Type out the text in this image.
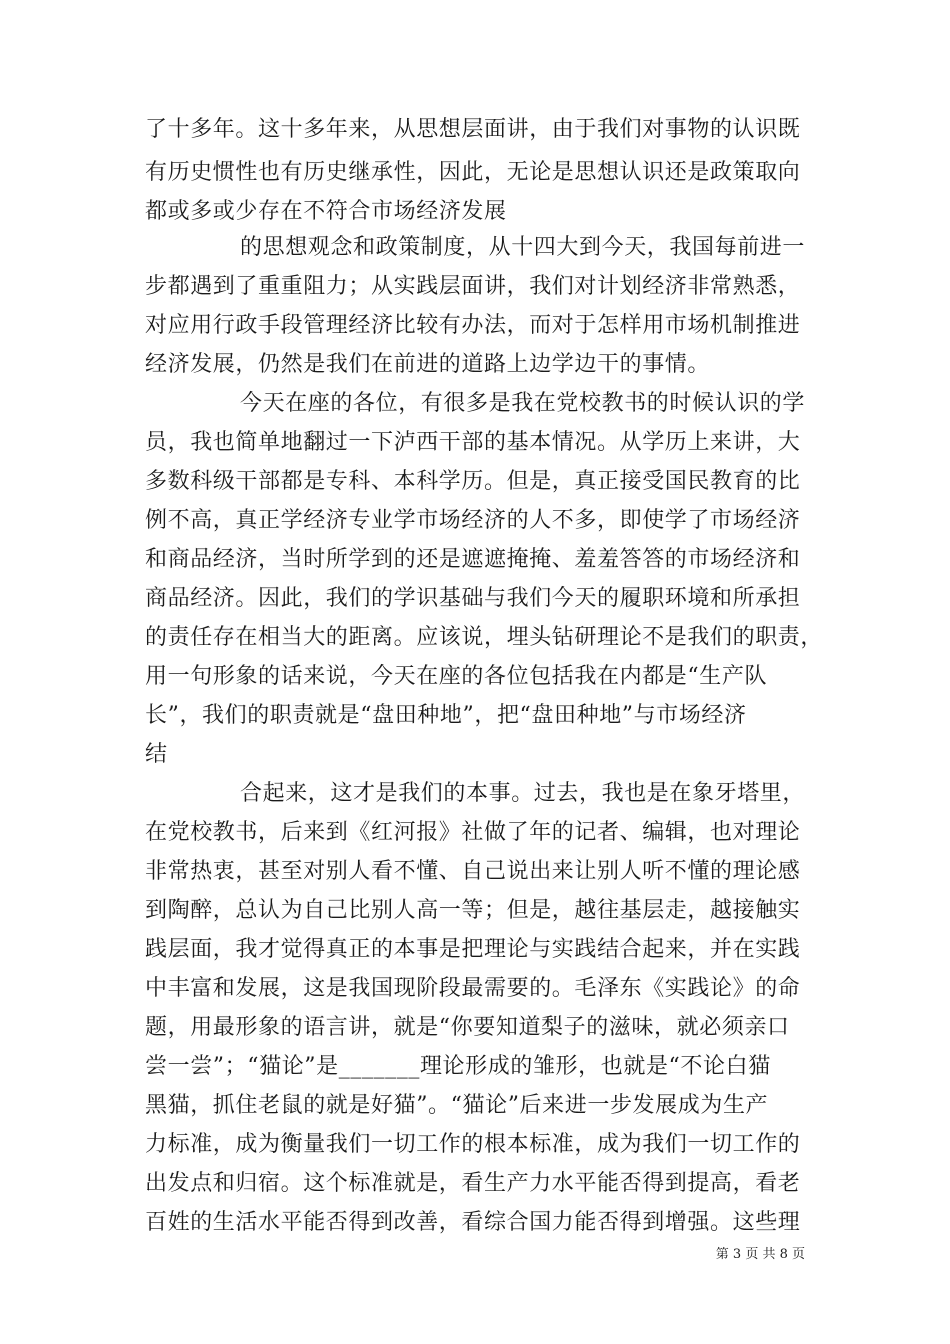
了十多年。这十多年来，从思想层面讲，由于我们对事物的认识既
有历史惯性也有历史继承性，因此，无论是思想认识还是政策取向
都或多或少存在不符合市场经济发展
的思想观念和政策制度，从十四大到今天，我国每前进一
步都遇到了重重阻力；从实践层面讲，我们对计划经济非常熟悉，
对应用行政手段管理经济比较有办法，而对于怎样用市场机制推进
经济发展，仍然是我们在前进的道路上边学边干的事情。
今天在座的各位，有很多是我在党校教书的时候认识的学
员，我也简单地翻过一下泸西干部的基本情况。从学历上来讲，大
多数科级干部都是专科、本科学历。但是，真正接受国民教育的比
例不高，真正学经济专业学市场经济的人不多，即使学了市场经济
和商品经济，当时所学到的还是遮遮掩掩、羞羞答答的市场经济和
商品经济。因此，我们的学识基础与我们今天的履职环境和所承担
的责任存在相当大的距离。应该说，埋头钻研理论不是我们的职责，
用一句形象的话来说，今天在座的各位包括我在内都是“生产队
长”，我们的职责就是“盘田种地”，把“盘田种地”与市场经济
结
合起来，这才是我们的本事。过去，我也是在象牙塔里，
在党校教书，后来到《红河报》社做了年的记者、编辑，也对理论
非常热衷，甚至对别人看不懂、自己说出来让别人听不懂的理论感
到陶醉，总认为自己比别人高一等；但是，越往基层走，越接触实
践层面，我才觉得真正的本事是把理论与实践结合起来，并在实践
中丰富和发展，这是我国现阶段最需要的。毛泽东《实践论》的命
题，用最形象的语言讲，就是“你要知道梨子的滋味，就必须亲口
尝一尝”；“猫论”是_______理论形成的雏形，也就是“不论白猫
黑猫，抓住老鼠的就是好猫”。“猫论”后来进一步发展成为生产
力标准，成为衡量我们一切工作的根本标准，成为我们一切工作的
出发点和归宿。这个标准就是，看生产力水平能否得到提高，看老
百姓的生活水平能否得到改善，看综合国力能否得到增强。这些理
第 3 页 共 8 页
